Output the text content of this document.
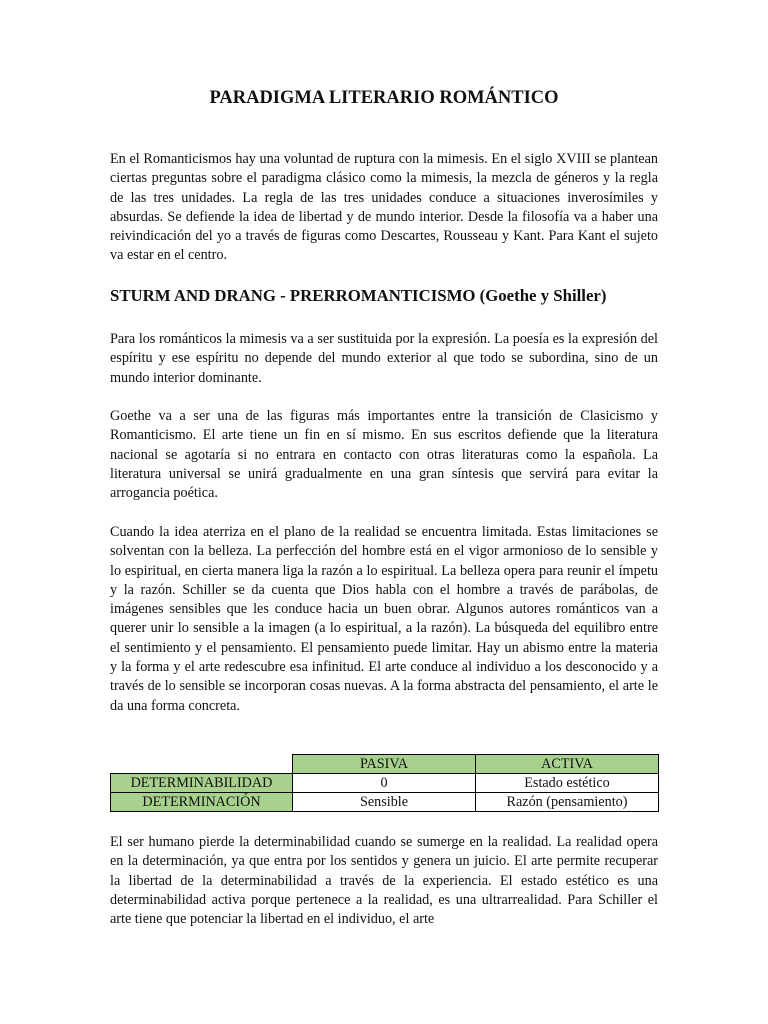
PARADIGMA LITERARIO ROMÁNTICO

En el Romanticismos hay una voluntad de ruptura con la mimesis. En el siglo XVIII se plantean ciertas preguntas sobre el paradigma clásico como la mimesis, la mezcla de géneros y la regla de las tres unidades. La regla de las tres unidades conduce a situaciones inverosímiles y absurdas. Se defiende la idea de libertad y de mundo interior. Desde la filosofía va a haber una reivindicación del yo a través de figuras como Descartes, Rousseau y Kant. Para Kant el sujeto va estar en el centro.

STURM AND DRANG - PRERROMANTICISMO (Goethe y Shiller)

Para los románticos la mimesis va a ser sustituida por la expresión. La poesía es la expresión del espíritu y ese espíritu no depende del mundo exterior al que todo se subordina, sino de un mundo interior dominante.

Goethe va a ser una de las figuras más importantes entre la transición de Clasicismo y Romanticismo. El arte tiene un fin en sí mismo. En sus escritos defiende que la literatura nacional se agotaría si no entrara en contacto con otras literaturas como la española. La literatura universal se unirá gradualmente en una gran síntesis que servirá para evitar la arrogancia poética.

Cuando la idea aterriza en el plano de la realidad se encuentra limitada. Estas limitaciones se solventan con la belleza. La perfección del hombre está en el vigor armonioso de lo sensible y lo espiritual, en cierta manera liga la razón a lo espiritual. La belleza opera para reunir el ímpetu y la razón. Schiller se da cuenta que Dios habla con el hombre a través de parábolas, de imágenes sensibles que les conduce hacia un buen obrar. Algunos autores románticos van a querer unir lo sensible a la imagen (a lo espiritual, a la razón). La búsqueda del equilibro entre el sentimiento y el pensamiento. El pensamiento puede limitar. Hay un abismo entre la materia y la forma y el arte redescubre esa infinitud. El arte conduce al individuo a los desconocido y a través de lo sensible se incorporan cosas nuevas. A la forma abstracta del pensamiento, el arte le da una forma concreta.

	PASIVA	ACTIVA
DETERMINABILIDAD	0	Estado estético
DETERMINACIÓN	Sensible	Razón (pensamiento)

El ser humano pierde la determinabilidad cuando se sumerge en la realidad. La realidad opera en la determinación, ya que entra por los sentidos y genera un juicio. El arte permite recuperar la libertad de la determinabilidad a través de la experiencia. El estado estético es una determinabilidad activa porque pertenece a la realidad, es una ultrarrealidad. Para Schiller el arte tiene que potenciar la libertad en el individuo, el arte
